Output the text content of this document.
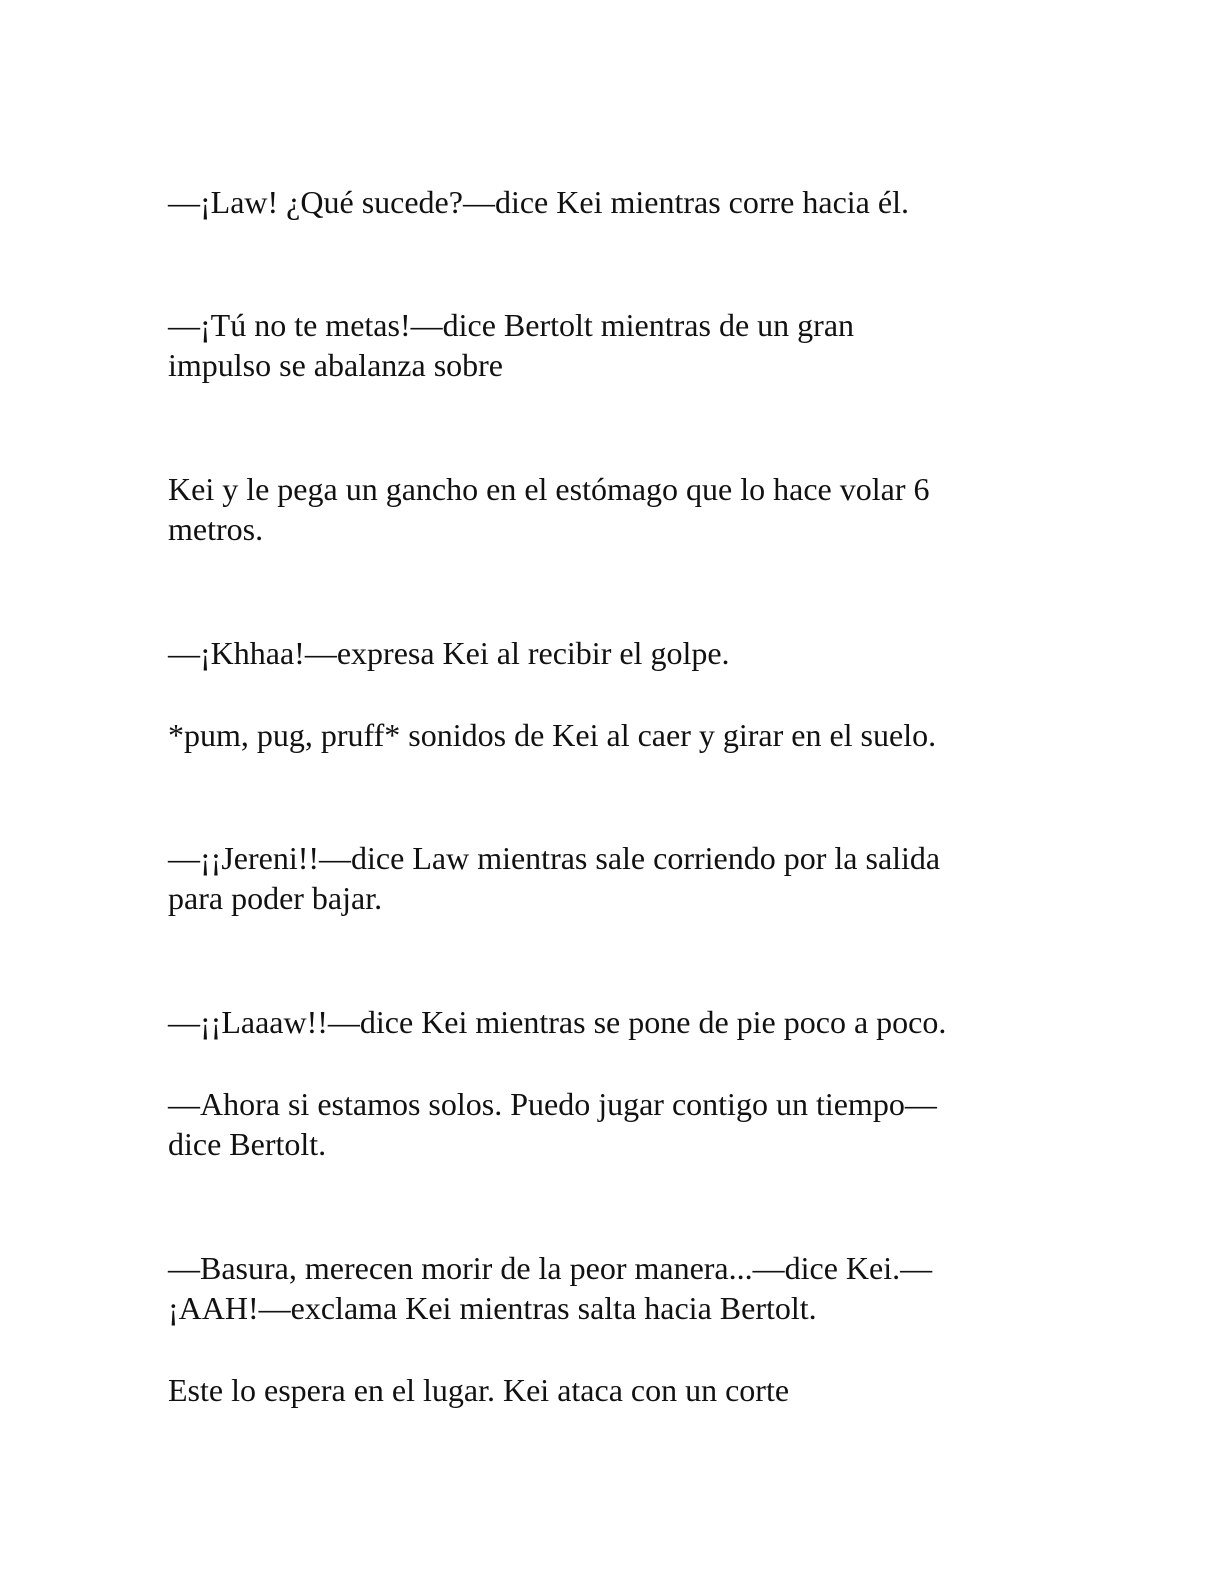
—¡Law! ¿Qué sucede?—dice Kei mientras corre hacia él.

—¡Tú no te metas!—dice Bertolt mientras de un gran
impulso se abalanza sobre

Kei y le pega un gancho en el estómago que lo hace volar 6
metros.

—¡Khhaa!—expresa Kei al recibir el golpe.

*pum, pug, pruff* sonidos de Kei al caer y girar en el suelo.

—¡¡Jereni!!—dice Law mientras sale corriendo por la salida
para poder bajar.

—¡¡Laaaw!!—dice Kei mientras se pone de pie poco a poco.

—Ahora si estamos solos. Puedo jugar contigo un tiempo—
dice Bertolt.

—Basura, merecen morir de la peor manera...—dice Kei.—
¡AAH!—exclama Kei mientras salta hacia Bertolt.

Este lo espera en el lugar. Kei ataca con un corte
